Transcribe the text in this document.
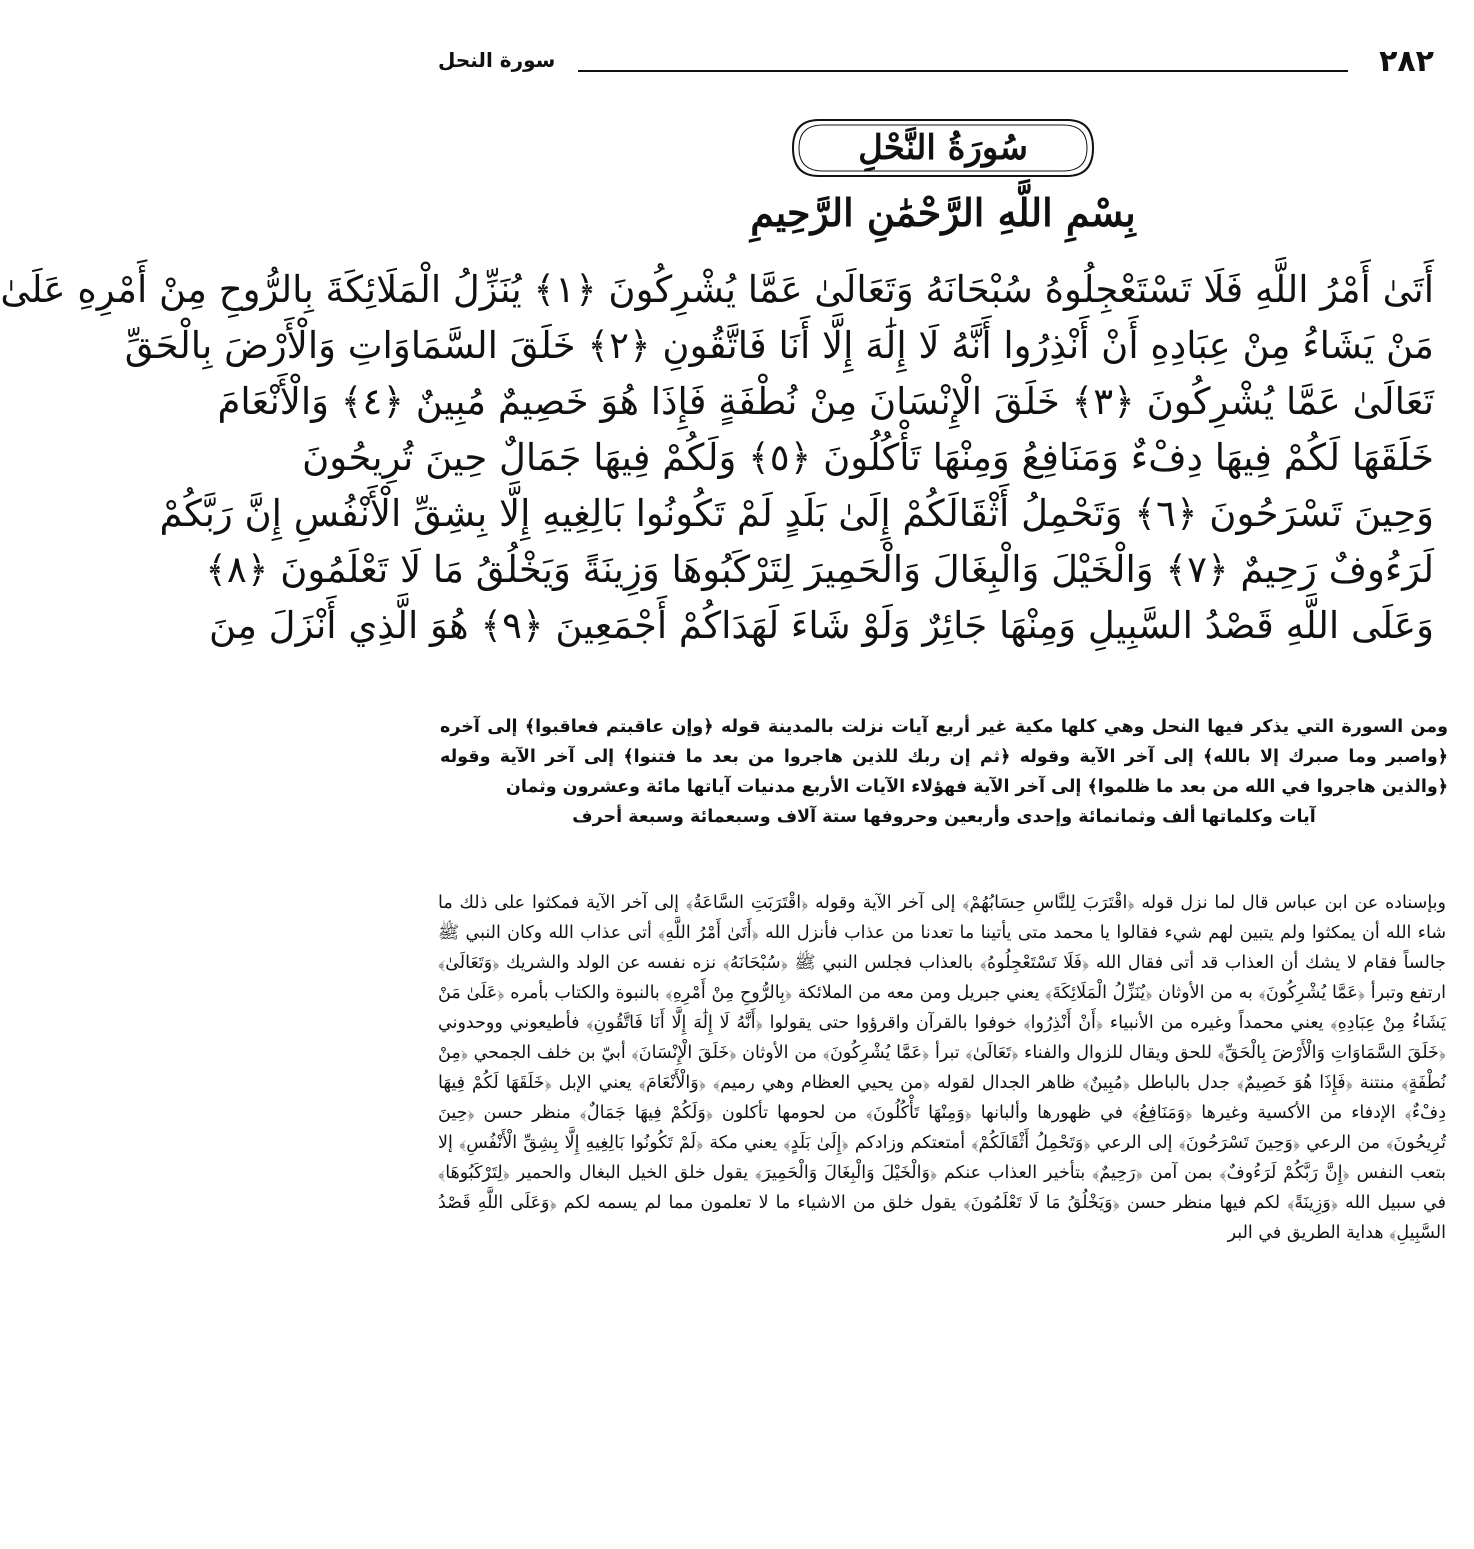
سورة النحل	٢٨٢
سُورَةُ النَّحْلِ
بِسْمِ اللَّهِ الرَّحْمَٰنِ الرَّحِيمِ
أَتَىٰ أَمْرُ اللَّهِ فَلَا تَسْتَعْجِلُوهُ سُبْحَانَهُ وَتَعَالَىٰ عَمَّا يُشْرِكُونَ ﴿١﴾ يُنَزِّلُ الْمَلَائِكَةَ بِالرُّوحِ مِنْ أَمْرِهِ عَلَىٰ
مَنْ يَشَاءُ مِنْ عِبَادِهِ أَنْ أَنْذِرُوا أَنَّهُ لَا إِلَٰهَ إِلَّا أَنَا فَاتَّقُونِ ﴿٢﴾ خَلَقَ السَّمَاوَاتِ وَالْأَرْضَ بِالْحَقِّ
تَعَالَىٰ عَمَّا يُشْرِكُونَ ﴿٣﴾ خَلَقَ الْإِنْسَانَ مِنْ نُطْفَةٍ فَإِذَا هُوَ خَصِيمٌ مُبِينٌ ﴿٤﴾ وَالْأَنْعَامَ
خَلَقَهَا لَكُمْ فِيهَا دِفْءٌ وَمَنَافِعُ وَمِنْهَا تَأْكُلُونَ ﴿٥﴾ وَلَكُمْ فِيهَا جَمَالٌ حِينَ تُرِيحُونَ
وَحِينَ تَسْرَحُونَ ﴿٦﴾ وَتَحْمِلُ أَثْقَالَكُمْ إِلَىٰ بَلَدٍ لَمْ تَكُونُوا بَالِغِيهِ إِلَّا بِشِقِّ الْأَنْفُسِ إِنَّ رَبَّكُمْ
لَرَءُوفٌ رَحِيمٌ ﴿٧﴾ وَالْخَيْلَ وَالْبِغَالَ وَالْحَمِيرَ لِتَرْكَبُوهَا وَزِينَةً وَيَخْلُقُ مَا لَا تَعْلَمُونَ ﴿٨﴾
وَعَلَى اللَّهِ قَصْدُ السَّبِيلِ وَمِنْهَا جَائِرٌ وَلَوْ شَاءَ لَهَدَاكُمْ أَجْمَعِينَ ﴿٩﴾ هُوَ الَّذِي أَنْزَلَ مِنَ

ومن السورة التي يذكر فيها النحل وهي كلها مكية غير أربع آيات نزلت بالمدينة قوله ﴿وإن عاقبتم فعاقبوا﴾ إلى آخره ﴿واصبر وما صبرك إلا بالله﴾ إلى آخر الآية وقوله ﴿ثم إن ربك للذين هاجروا من بعد ما فتنوا﴾ إلى آخر الآية وقوله ﴿والذين هاجروا في الله من بعد ما ظلموا﴾ إلى آخر الآية فهؤلاء الآيات الأربع مدنيات آياتها مائة وعشرون وثمان

آيات وكلماتها ألف وثمانمائة وإحدى وأربعين وحروفها ستة آلاف وسبعمائة وسبعة أحرف

وبإسناده عن ابن عباس قال لما نزل قوله ﴿اقْتَرَبَ لِلنَّاسِ حِسَابُهُمْ﴾ إلى آخر الآية وقوله ﴿اقْتَرَبَتِ السَّاعَةُ﴾ إلى آخر الآية فمكثوا على ذلك ما شاء الله أن يمكثوا ولم يتبين لهم شيء فقالوا يا محمد متى يأتينا ما تعدنا من عذاب فأنزل الله ﴿أَتَىٰ أَمْرُ اللَّهِ﴾ أتى عذاب الله وكان النبي ﷺ جالساً فقام لا يشك أن العذاب قد أتى فقال الله ﴿فَلَا تَسْتَعْجِلُوهُ﴾ بالعذاب فجلس النبي ﷺ ﴿سُبْحَانَهُ﴾ نزه نفسه عن الولد والشريك ﴿وَتَعَالَىٰ﴾ ارتفع وتبرأ ﴿عَمَّا يُشْرِكُونَ﴾ به من الأوثان ﴿يُنَزِّلُ الْمَلَائِكَةَ﴾ يعني جبريل ومن معه من الملائكة ﴿بِالرُّوحِ مِنْ أَمْرِهِ﴾ بالنبوة والكتاب بأمره ﴿عَلَىٰ مَنْ يَشَاءُ مِنْ عِبَادِهِ﴾ يعني محمداً وغيره من الأنبياء ﴿أَنْ أَنْذِرُوا﴾ خوفوا بالقرآن واقرؤوا حتى يقولوا ﴿أَنَّهُ لَا إِلَٰهَ إِلَّا أَنَا فَاتَّقُونِ﴾ فأطيعوني ووحدوني ﴿خَلَقَ السَّمَاوَاتِ وَالْأَرْضَ بِالْحَقِّ﴾ للحق ويقال للزوال والفناء ﴿تَعَالَىٰ﴾ تبرأ ﴿عَمَّا يُشْرِكُونَ﴾ من الأوثان ﴿خَلَقَ الْإِنْسَانَ﴾ أبيّ بن خلف الجمحي ﴿مِنْ نُطْفَةٍ﴾ منتنة ﴿فَإِذَا هُوَ خَصِيمٌ﴾ جدل بالباطل ﴿مُبِينٌ﴾ ظاهر الجدال لقوله ﴿من يحيي العظام وهي رميم﴾ ﴿وَالْأَنْعَامَ﴾ يعني الإبل ﴿خَلَقَهَا لَكُمْ فِيهَا دِفْءٌ﴾ الإدفاء من الأكسية وغيرها ﴿وَمَنَافِعُ﴾ في ظهورها وألبانها ﴿وَمِنْهَا تَأْكُلُونَ﴾ من لحومها تأكلون ﴿وَلَكُمْ فِيهَا جَمَالٌ﴾ منظر حسن ﴿حِينَ تُرِيحُونَ﴾ من الرعي ﴿وَحِينَ تَسْرَحُونَ﴾ إلى الرعي ﴿وَتَحْمِلُ أَثْقَالَكُمْ﴾ أمتعتكم وزادكم ﴿إِلَىٰ بَلَدٍ﴾ يعني مكة ﴿لَمْ تَكُونُوا بَالِغِيهِ إِلَّا بِشِقِّ الْأَنْفُسِ﴾ إلا بتعب النفس ﴿إِنَّ رَبَّكُمْ لَرَءُوفٌ﴾ بمن آمن ﴿رَحِيمٌ﴾ بتأخير العذاب عنكم ﴿وَالْخَيْلَ وَالْبِغَالَ وَالْحَمِيرَ﴾ يقول خلق الخيل البغال والحمير ﴿لِتَرْكَبُوهَا﴾ في سبيل الله ﴿وَزِينَةً﴾ لكم فيها منظر حسن ﴿وَيَخْلُقُ مَا لَا تَعْلَمُونَ﴾ يقول خلق من الاشياء ما لا تعلمون مما لم يسمه لكم ﴿وَعَلَى اللَّهِ قَصْدُ السَّبِيلِ﴾ هداية الطريق في البر
